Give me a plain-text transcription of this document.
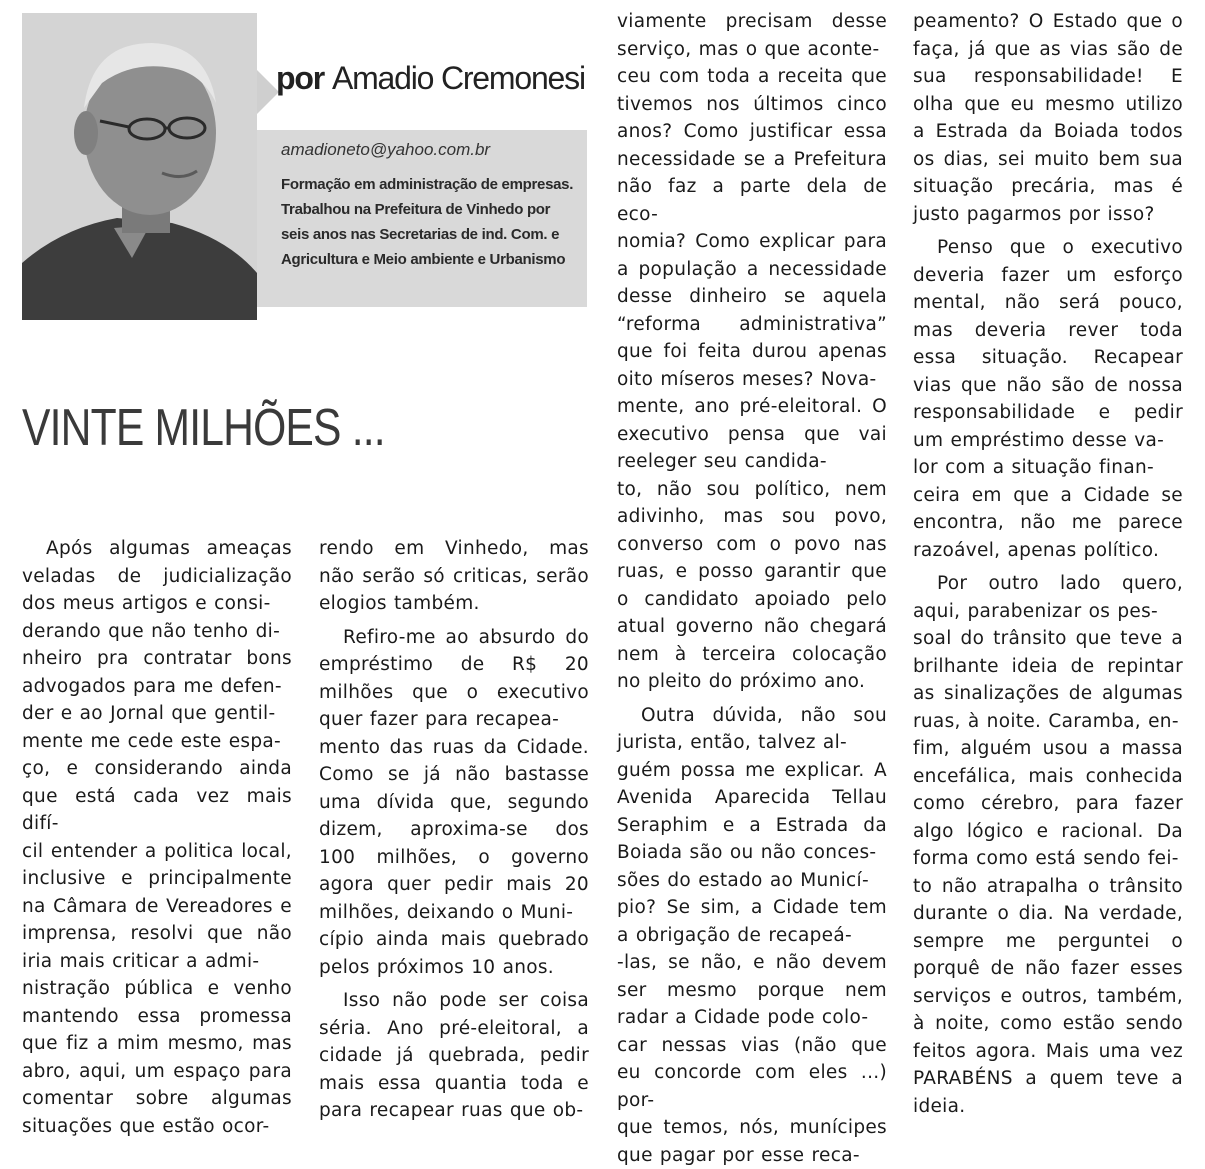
por Amadio Cremonesi
amadioneto@yahoo.com.br
Formação em administração de empresas. Trabalhou na Prefeitura de Vinhedo por seis anos nas Secretarias de ind. Com. e Agricultura e Meio ambiente e Urbanismo
VINTE MILHÕES ...

Após algumas ameaças veladas de judicialização dos meus artigos e consi-
derando que não tenho di-
nheiro pra contratar bons advogados para me defen-
der e ao Jornal que gentil-
mente me cede este espa-
ço, e considerando ainda que está cada vez mais difí-
cil entender a politica local, inclusive e principalmente na Câmara de Vereadores e imprensa, resolvi que não iria mais criticar a admi-
nistração pública e venho mantendo essa promessa que fiz a mim mesmo, mas abro, aqui, um espaço para comentar sobre algumas situações que estão ocor-

rendo em Vinhedo, mas não serão só criticas, serão elogios também.

Refiro-me ao absurdo do empréstimo de R$ 20 milhões que o executivo quer fazer para recapea-
mento das ruas da Cidade. Como se já não bastasse uma dívida que, segundo dizem, aproxima-se dos 100 milhões, o governo agora quer pedir mais 20 milhões, deixando o Muni-
cípio ainda mais quebrado pelos próximos 10 anos.

Isso não pode ser coisa séria. Ano pré-eleitoral, a cidade já quebrada, pedir mais essa quantia toda e para recapear ruas que ob-

viamente precisam desse serviço, mas o que aconte-
ceu com toda a receita que tivemos nos últimos cinco anos? Como justificar essa necessidade se a Prefeitura não faz a parte dela de eco-
nomia? Como explicar para a população a necessidade desse dinheiro se aquela “reforma administrativa” que foi feita durou apenas oito míseros meses? Nova-
mente, ano pré-eleitoral. O executivo pensa que vai reeleger seu candida-
to, não sou político, nem adivinho, mas sou povo, converso com o povo nas ruas, e posso garantir que o candidato apoiado pelo atual governo não chegará nem à terceira colocação no pleito do próximo ano.

Outra dúvida, não sou jurista, então, talvez al-
guém possa me explicar. A Avenida Aparecida Tellau Seraphim e a Estrada da Boiada são ou não conces-
sões do estado ao Municí-
pio? Se sim, a Cidade tem a obrigação de recapeá-
-las, se não, e não devem ser mesmo porque nem radar a Cidade pode colo-
car nessas vias (não que eu concorde com eles ...) por-
que temos, nós, munícipes que pagar por esse reca-

peamento? O Estado que o faça, já que as vias são de sua responsabilidade! E olha que eu mesmo utilizo a Estrada da Boiada todos os dias, sei muito bem sua situação precária, mas é justo pagarmos por isso?

Penso que o executivo deveria fazer um esforço mental, não será pouco, mas deveria rever toda essa situação. Recapear vias que não são de nossa responsabilidade e pedir um empréstimo desse va-
lor com a situação finan-
ceira em que a Cidade se encontra, não me parece razoável, apenas político.

Por outro lado quero, aqui, parabenizar os pes-
soal do trânsito que teve a brilhante ideia de repintar as sinalizações de algumas ruas, à noite. Caramba, en-
fim, alguém usou a massa encefálica, mais conhecida como cérebro, para fazer algo lógico e racional. Da forma como está sendo fei-
to não atrapalha o trânsito durante o dia. Na verdade, sempre me perguntei o porquê de não fazer esses serviços e outros, também, à noite, como estão sendo feitos agora. Mais uma vez PARABÉNS a quem teve a ideia.
